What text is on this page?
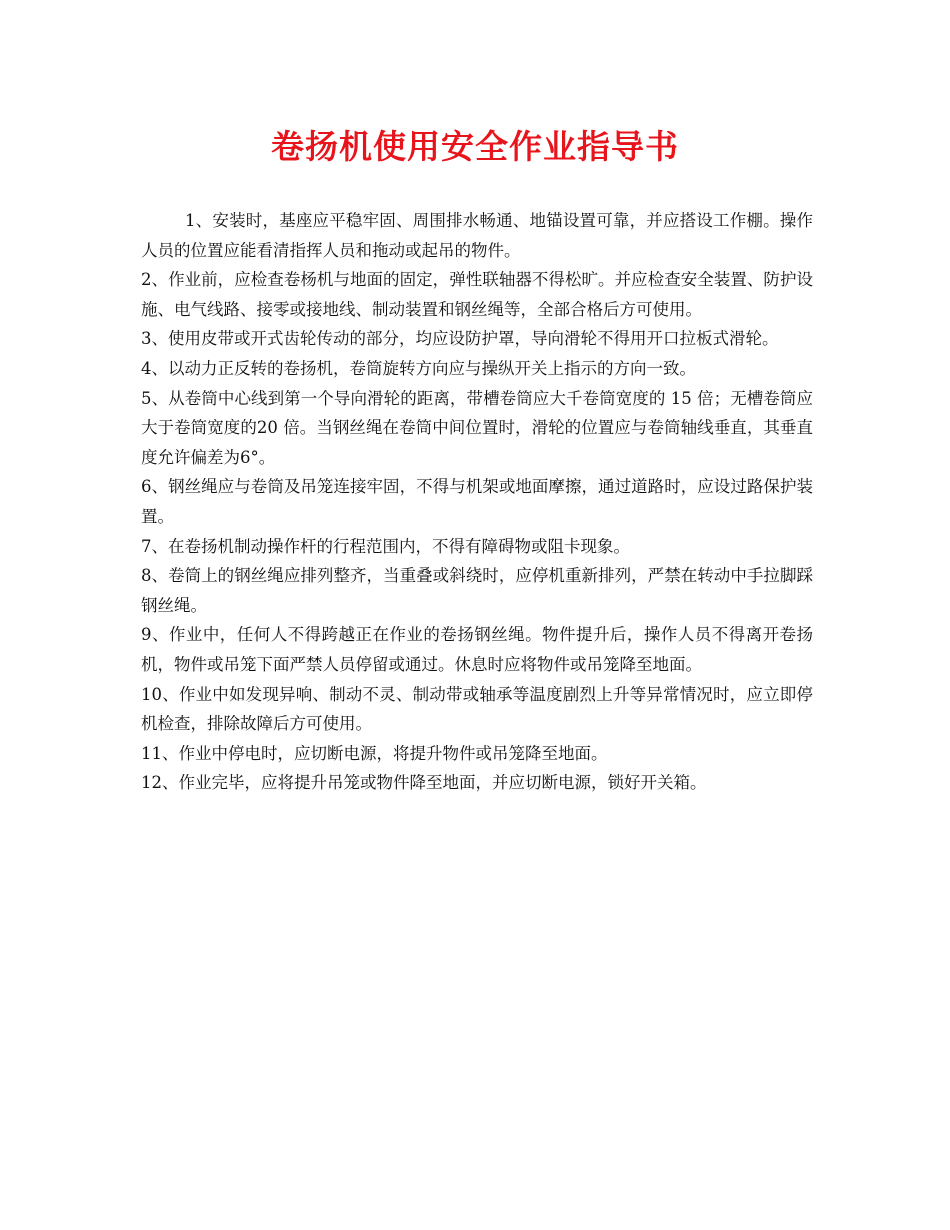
卷扬机使用安全作业指导书

1、安装时，基座应平稳牢固、周围排水畅通、地锚设置可靠，并应搭设工作棚。操作人员的位置应能看清指挥人员和拖动或起吊的物件。

2、作业前，应检查卷杨机与地面的固定，弹性联轴器不得松旷。并应检查安全装置、防护设施、电气线路、接零或接地线、制动装置和钢丝绳等，全部合格后方可使用。

3、使用皮带或开式齿轮传动的部分，均应设防护罩，导向滑轮不得用开口拉板式滑轮。

4、以动力正反转的卷扬机，卷筒旋转方向应与操纵开关上指示的方向一致。

5、从卷筒中心线到第一个导向滑轮的距离，带槽卷筒应大千卷筒宽度的 15 倍；无槽卷筒应大于卷筒宽度的20 倍。当钢丝绳在卷筒中间位置时，滑轮的位置应与卷筒轴线垂直，其垂直度允许偏差为6°。

6、钢丝绳应与卷筒及吊笼连接牢固，不得与机架或地面摩擦，通过道路时，应设过路保护装置。

7、在卷扬机制动操作杆的行程范围内，不得有障碍物或阻卡现象。

8、卷筒上的钢丝绳应排列整齐，当重叠或斜绕时，应停机重新排列，严禁在转动中手拉脚踩钢丝绳。

9、作业中，任何人不得跨越正在作业的卷扬钢丝绳。物件提升后，操作人员不得离开卷扬机，物件或吊笼下面严禁人员停留或通过。休息时应将物件或吊笼降至地面。

10、作业中如发现异响、制动不灵、制动带或轴承等温度剧烈上升等异常情况时，应立即停机检查，排除故障后方可使用。

11、作业中停电时，应切断电源，将提升物件或吊笼降至地面。

12、作业完毕，应将提升吊笼或物件降至地面，并应切断电源，锁好开关箱。
